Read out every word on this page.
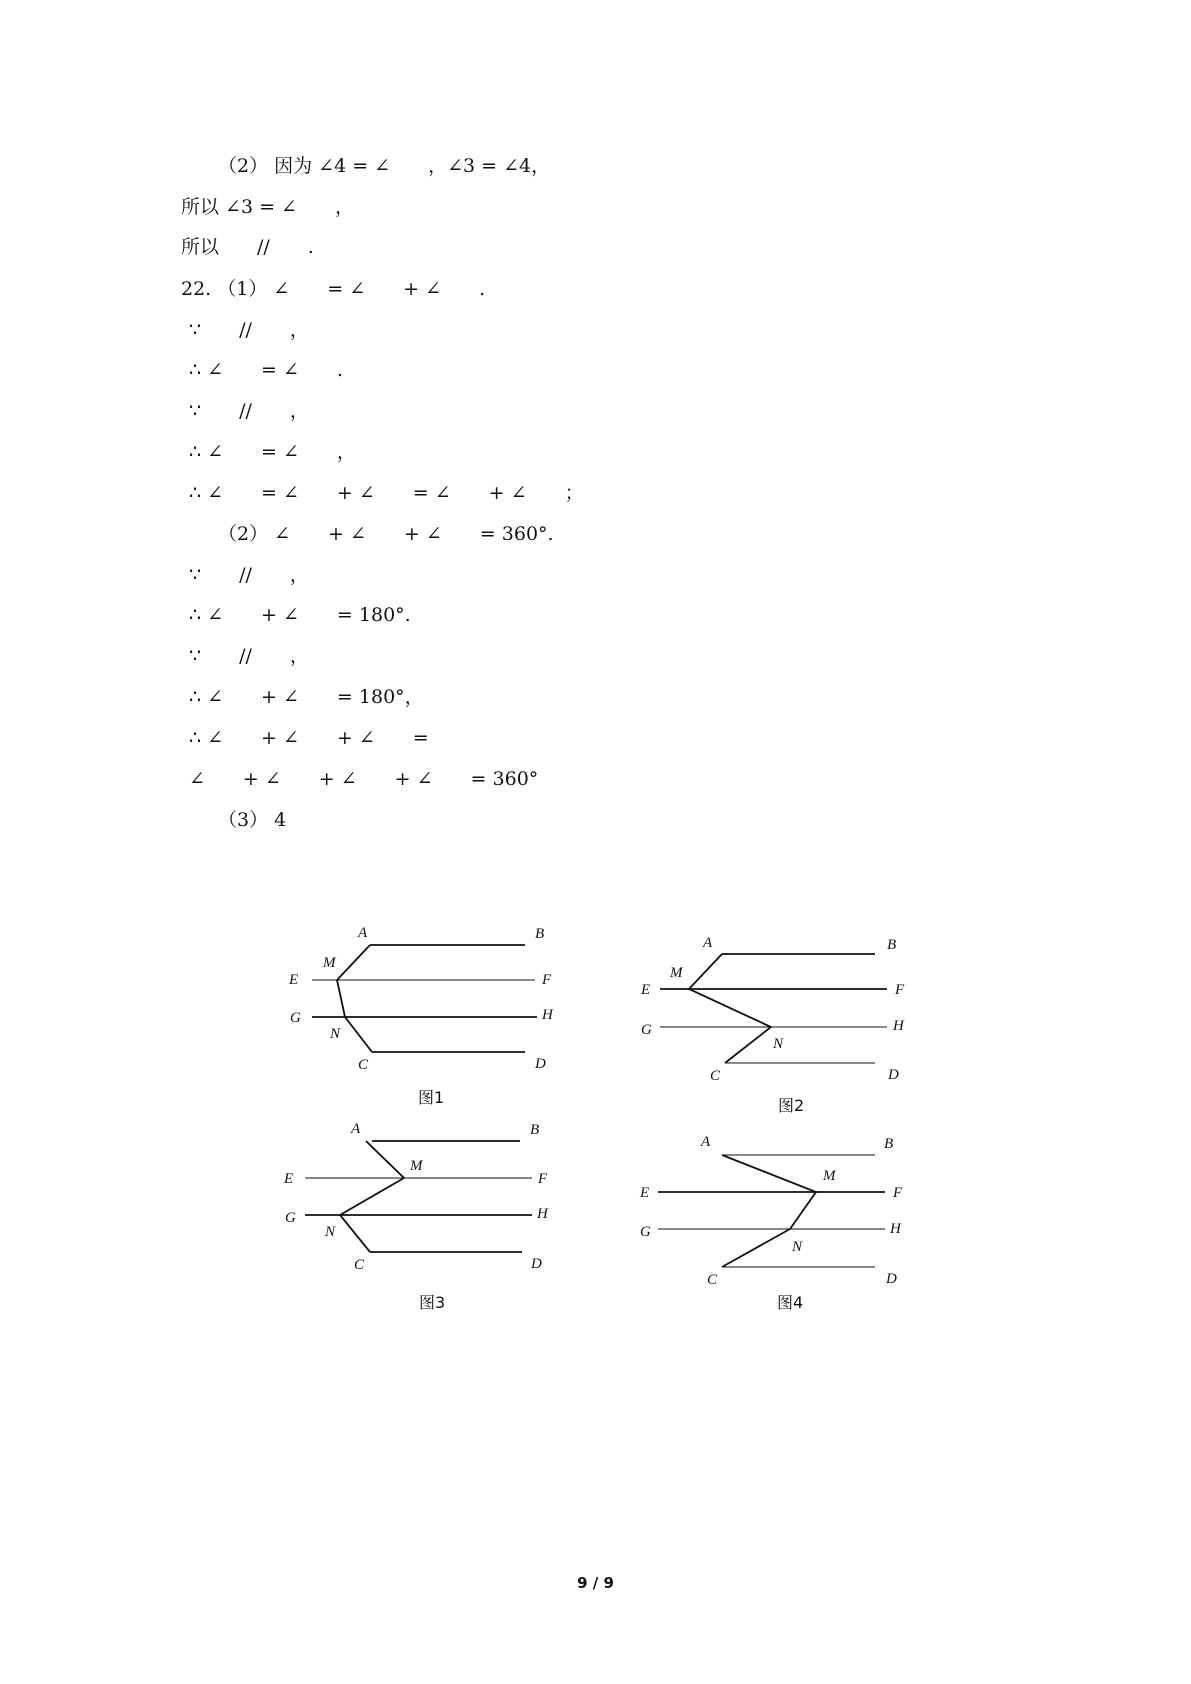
（2） 因为 ∠4 = ∠　　，∠3 = ∠4，
所以 ∠3 = ∠　　，
所以　　//　　.
22. （1） ∠　　= ∠　　+ ∠　　.
∵　　//　　，
∴ ∠　　= ∠　　.
∵　　//　　，
∴ ∠　　= ∠　　，
∴ ∠　　= ∠　　+ ∠　　= ∠　　+ ∠　　；
（2） ∠　　+ ∠　　+ ∠　　= 360°.
∵　　//　　，
∴ ∠　　+ ∠　　= 180°.
∵　　//　　，
∴ ∠　　+ ∠　　= 180°，
∴ ∠　　+ ∠　　+ ∠　　=
∠　　+ ∠　　+ ∠　　+ ∠　　= 360°
（3） 4
A	B
M
E	F
G	H
N
C	D
A	B
M
E	F
G	H
N
C	D
A	B
M
E	F
G	H
N
C	D
A	B
M
E	F
G	H
N
C	D
图1	图2
图3	图4
9 / 9
